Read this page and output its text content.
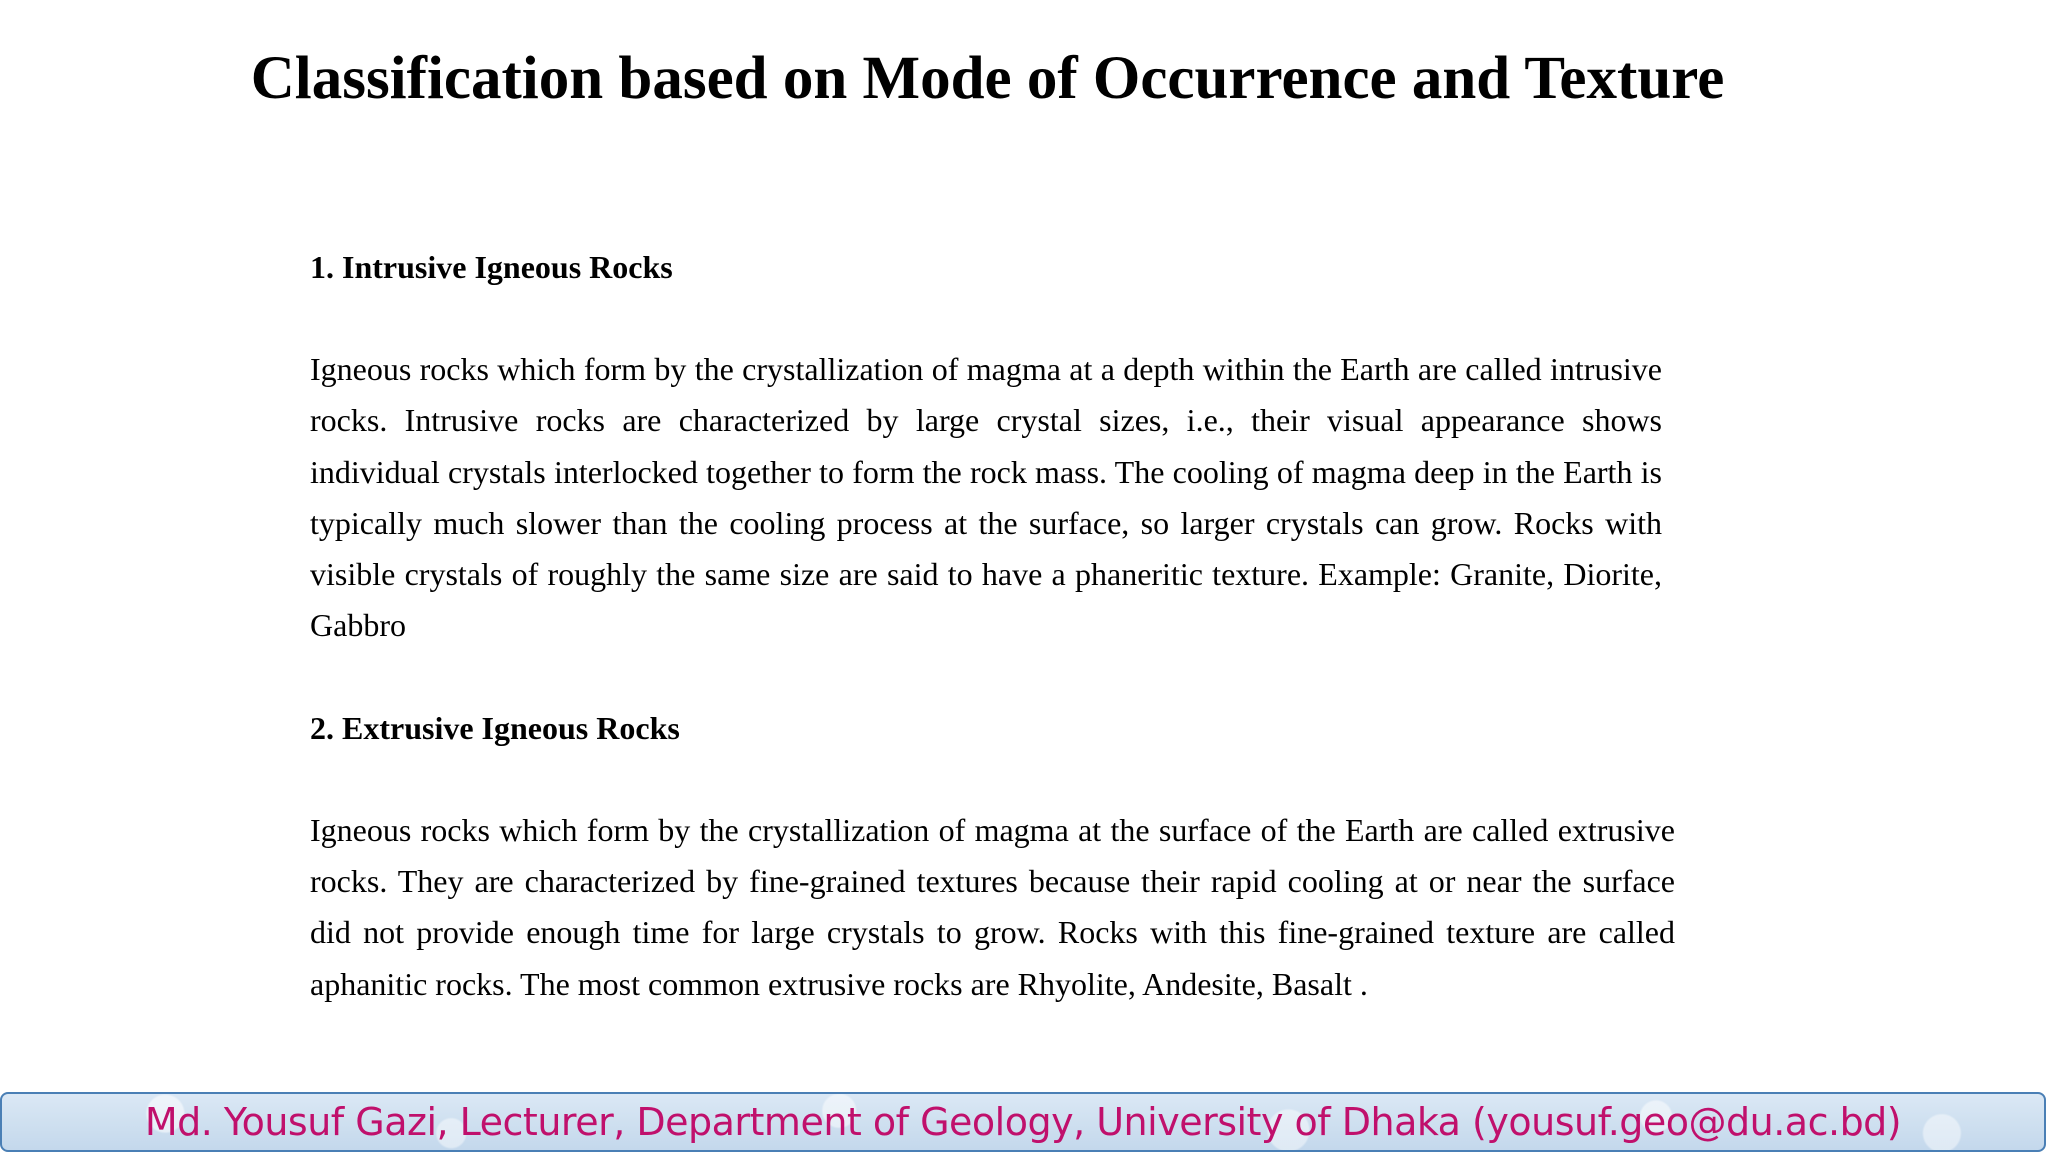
Classification based on Mode of Occurrence and Texture
1. Intrusive Igneous Rocks

Igneous rocks which form by the crystallization of magma at a depth within the Earth are called intrusive rocks. Intrusive rocks are characterized by large crystal sizes, i.e., their visual appearance shows individual crystals interlocked together to form the rock mass. The cooling of magma deep in the Earth is typically much slower than the cooling process at the surface, so larger crystals can grow. Rocks with visible crystals of roughly the same size are said to have a phaneritic texture. Example: Granite, Diorite, Gabbro

2. Extrusive Igneous Rocks

Igneous rocks which form by the crystallization of magma at the surface of the Earth are called extrusive rocks. They are characterized by fine-grained textures because their rapid cooling at or near the surface did not provide enough time for large crystals to grow. Rocks with this fine-grained texture are called aphanitic rocks. The most common extrusive rocks are Rhyolite, Andesite, Basalt .

Md. Yousuf Gazi, Lecturer, Department of Geology, University of Dhaka (yousuf.geo@du.ac.bd)
